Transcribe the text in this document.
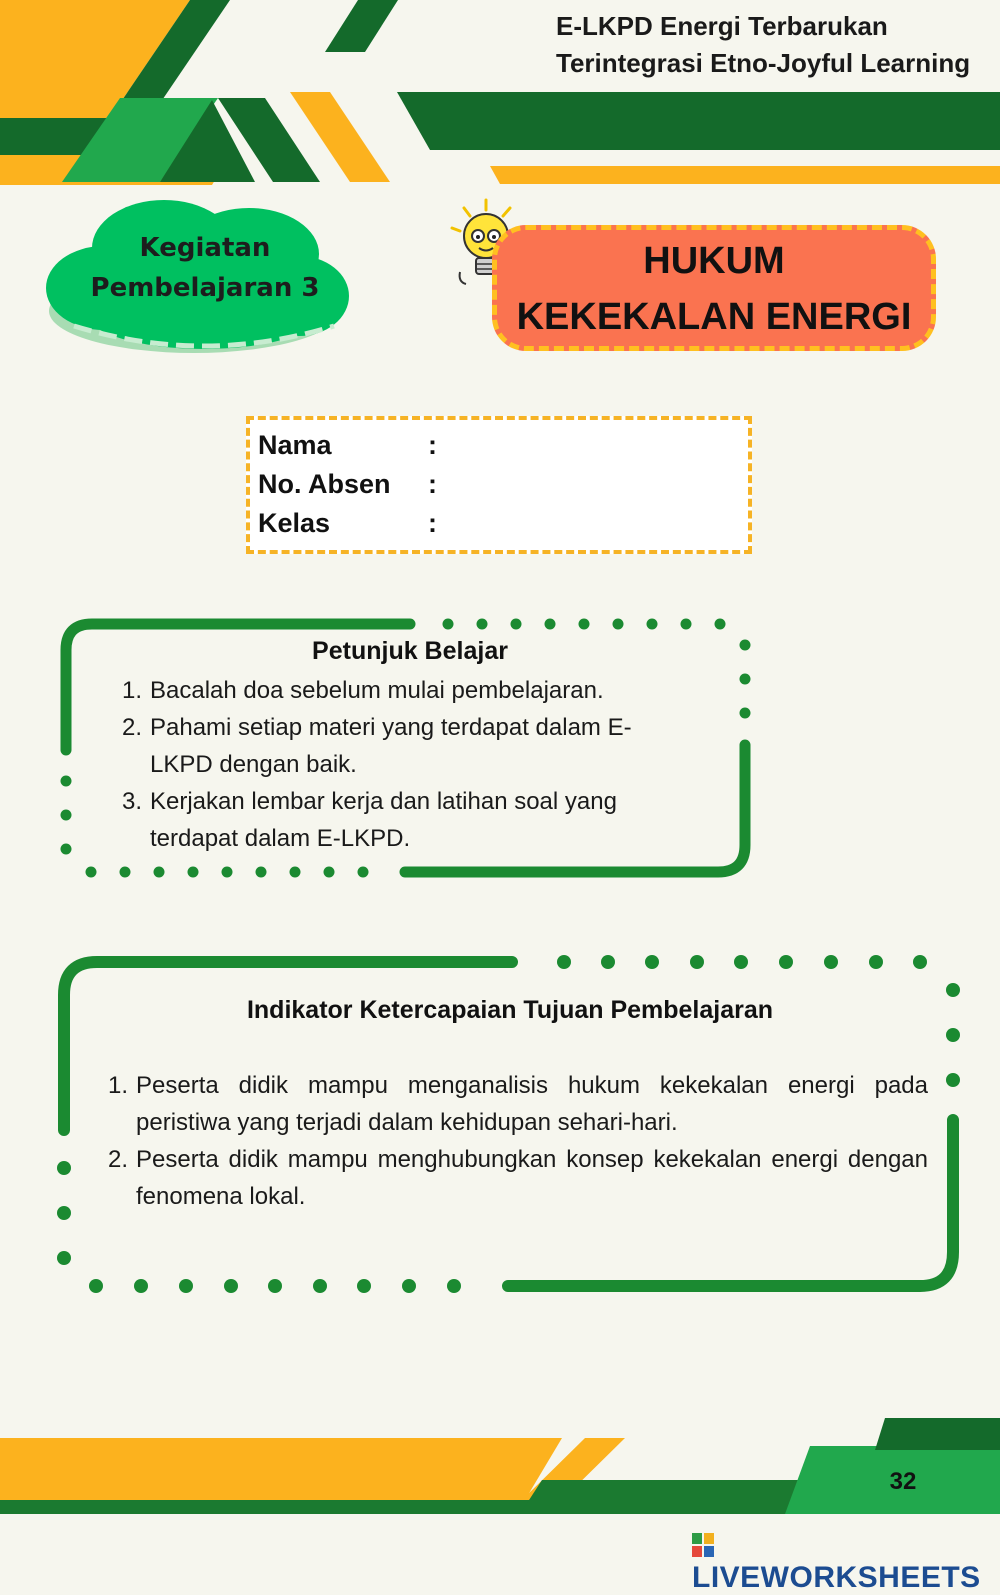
E-LKPD Energi Terbarukan
Terintegrasi Etno-Joyful Learning
Kegiatan
Pembelajaran 3
HUKUM
KEKEKALAN ENERGI
Nama	:
No. Absen	:
Kelas	:
Petunjuk Belajar
1. Bacalah doa sebelum mulai pembelajaran.
2. Pahami setiap materi yang terdapat dalam E-LKPD dengan baik.
3. Kerjakan lembar kerja dan latihan soal yang terdapat dalam E-LKPD.
Indikator Ketercapaian Tujuan Pembelajaran
1. Peserta didik mampu menganalisis hukum kekekalan energi pada peristiwa yang terjadi dalam kehidupan sehari-hari.
2. Peserta didik mampu menghubungkan konsep kekekalan energi dengan fenomena lokal.
32
LIVEWORKSHEETS
